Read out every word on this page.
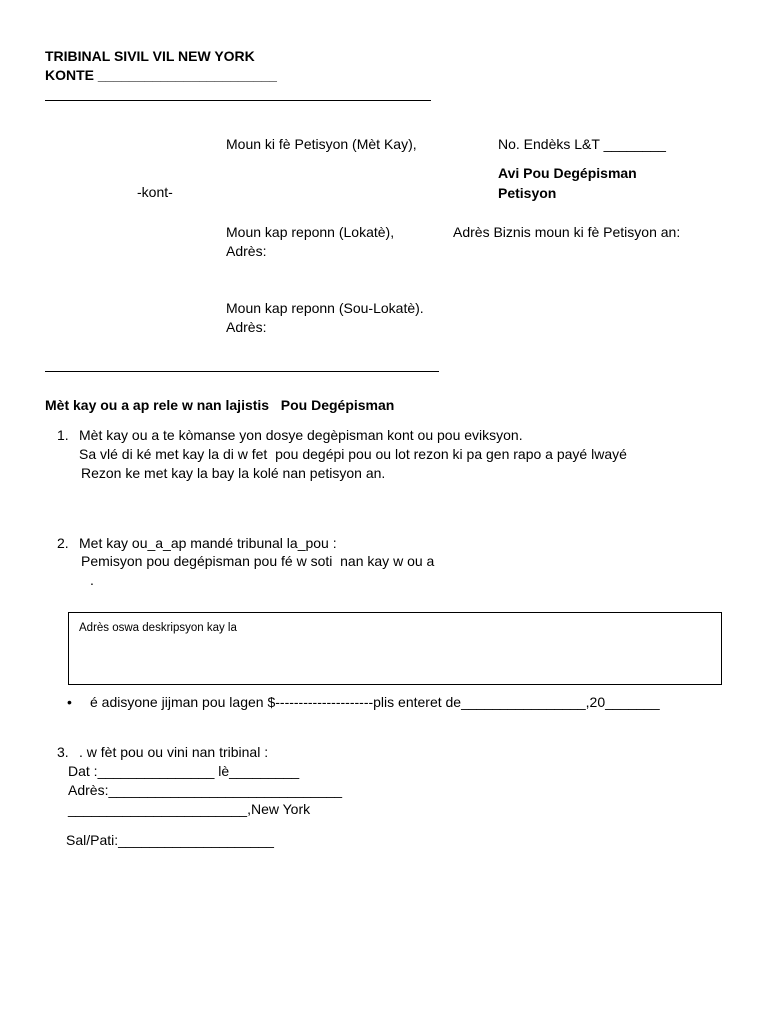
TRIBINAL SIVIL VIL NEW YORK
KONTE _______________________
Moun ki fè Petisyon (Mèt Kay),
-kont-
Moun kap reponn (Lokatè),
Adrès:
Moun kap reponn (Sou-Lokatè).
Adrès:
No. Endèks L&T ________
Avi Pou Degépisman
Petisyon
Adrès Biznis moun ki fè Petisyon an:
Mèt kay ou a ap rele w nan lajistis   Pou Degépisman
1. Mèt kay ou a te kòmanse yon dosye degèpisman kont ou pou eviksyon.
Sa vlé di ké met kay la di w fet  pou degépi pou ou lot rezon ki pa gen rapo a payé lwayé
Rezon ke met kay la bay la kolé nan petisyon an.
2. Met kay ou_a_ap mandé tribunal la_pou :
Pemisyon pou degépisman pou fé w soti  nan kay w ou a
.
Adrès oswa deskripsyon kay la
• é adisyone jijman pou lagen $---------------------plis enteret de________________,20_______
3. . w fèt pou ou vini nan tribinal :
Dat :_______________ lè_________
Adrès:______________________________
_______________________,New York
Sal/Pati:____________________
